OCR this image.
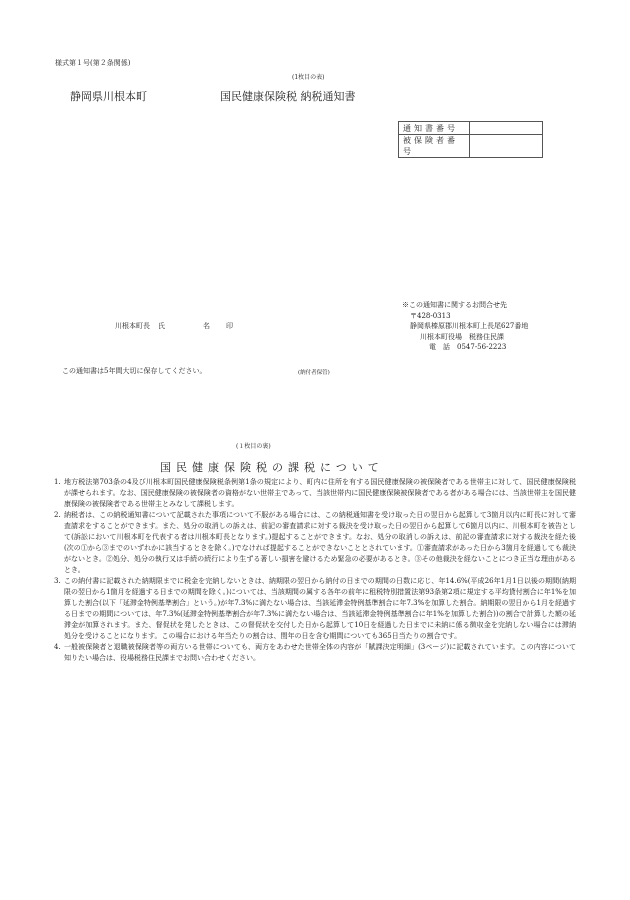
様式第１号(第２条関係)
(1枚目の表)
静岡県川根本町	国民健康保険税 納税通知書
通知書番号	
被保険者番号	
※この通知書に関するお問合せ先
〒428-0313
静岡県榛原郡川根本町上長尾627番地
川根本町役場　税務住民課
電　話　 0547-56-2223
川根本町長 氏	名 印
この通知書は5年間大切に保存してください。	(納付者保管)
(１枚目の裏)
国民健康保険税の課税について
1. 地方税法第703条の4及び川根本町国民健康保険税条例第1条の規定により、町内に住所を有する国民健康保険の被保険者である世帯主に対して、国民健康保険税が課せられます。なお、国民健康保険の被保険者の資格がない世帯主であって、当該世帯内に国民健康保険被保険者である者がある場合には、当該世帯主を国民健康保険の被保険者である世帯主とみなして課税します。
2. 納税者は、この納税通知書について記載された事項について不服がある場合には、この納税通知書を受け取った日の翌日から起算して3箇月以内に町長に対して審査請求をすることができます。また、処分の取消しの訴えは、前記の審査請求に対する裁決を受け取った日の翌日から起算して6箇月以内に、川根本町を被告として(訴訟において川根本町を代表する者は川根本町長となります。)提起することができます。なお、処分の取消しの訴えは、前記の審査請求に対する裁決を経た後(次の①から③までのいずれかに該当するときを除く。)でなければ提起することができないこととされています。①審査請求があった日から3箇月を経過しても裁決がないとき。②処分、処分の執行又は手続の続行により生ずる著しい損害を避けるため緊急の必要があるとき。③その他裁決を経ないことにつき正当な理由があるとき。
3. この納付書に記載された納期限までに税金を完納しないときは、納期限の翌日から納付の日までの期間の日数に応じ、年14.6%(平成26年1月1日以後の期間(納期限の翌日から1箇月を経過する日までの期間を除く。)については、当該期間の属する各年の前年に租税特別措置法第93条第2項に規定する平均貸付割合に年1%を加算した割合(以下「延滞金特例基準割合」という。)が年7.3%に満たない場合は、当該延滞金特例基準割合に年7.3%を加算した割合。納期限の翌日から1月を経過する日までの期間については、年7.3%(延滞金特例基準割合が年7.3%に満たない場合は、当該延滞金特例基準割合に年1%を加算した割合))の割合で計算した額の延滞金が加算されます。また、督促状を発したときは、この督促状を交付した日から起算して10日を経過した日までに未納に係る徴収金を完納しない場合には滞納処分を受けることになります。この場合における年当たりの割合は、閏年の日を含む期間についても365日当たりの割合です。
4. 一般被保険者と退職被保険者等の両方いる世帯についても、両方をあわせた世帯全体の内容が「賦課決定明細」(3ページ)に記載されています。この内容について知りたい場合は、役場税務住民課までお問い合わせください。
